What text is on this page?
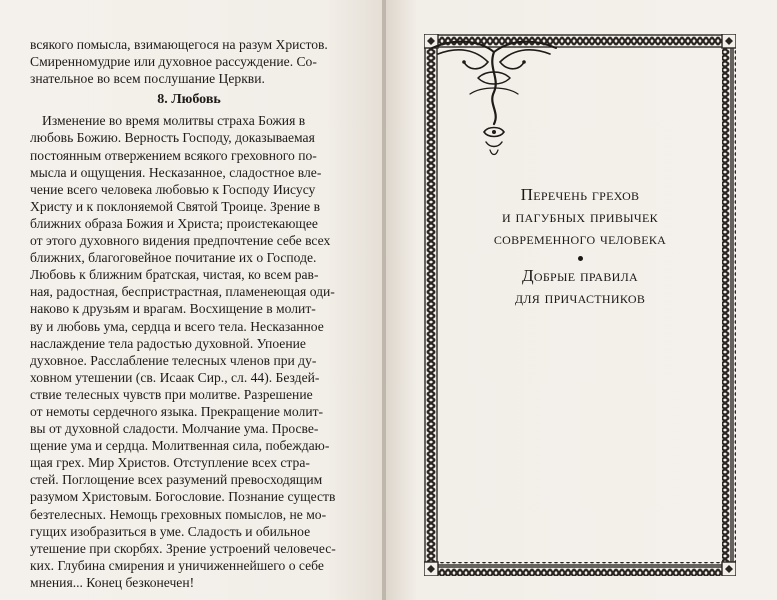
всякого помысла, взимающегося на разум Христов.

Смиренномудрие или духовное рассуждение. Со-

знательное во всем послушание Церкви.

8. Любовь

Изменение во время молитвы страха Божия в

любовь Божию. Верность Господу, доказываемая

постоянным отвержением всякого греховного по-

мысла и ощущения. Несказанное, сладостное вле-

чение всего человека любовью к Господу Иисусу

Христу и к поклоняемой Святой Троице. Зрение в

ближних образа Божия и Христа; проистекающее

от этого духовного видения предпочтение себе всех

ближних, благоговейное почитание их о Господе.

Любовь к ближним братская, чистая, ко всем рав-

ная, радостная, беспристрастная, пламенеющая оди-

наково к друзьям и врагам. Восхищение в молит-

ву и любовь ума, сердца и всего тела. Несказанное

наслаждение тела радостью духовной. Упоение

духовное. Расслабление телесных членов при ду-

ховном утешении (св. Исаак Сир., сл. 44). Бездей-

ствие телесных чувств при молитве. Разрешение

от немоты сердечного языка. Прекращение молит-

вы от духовной сладости. Молчание ума. Просве-

щение ума и сердца. Молитвенная сила, побеждаю-

щая грех. Мир Христов. Отступление всех стра-

стей. Поглощение всех разумений превосходящим

разумом Христовым. Богословие. Познание существ

безтелесных. Немощь греховных помыслов, не мо-

гущих изобразиться в уме. Сладость и обильное

утешение при скорбях. Зрение устроений человечес-

ких. Глубина смирения и уничиженнейшего о себе

мнения... Конец безконечен!

Перечень грехов
и пагубных привычек
современного человека
Добрые правила
для причастников
